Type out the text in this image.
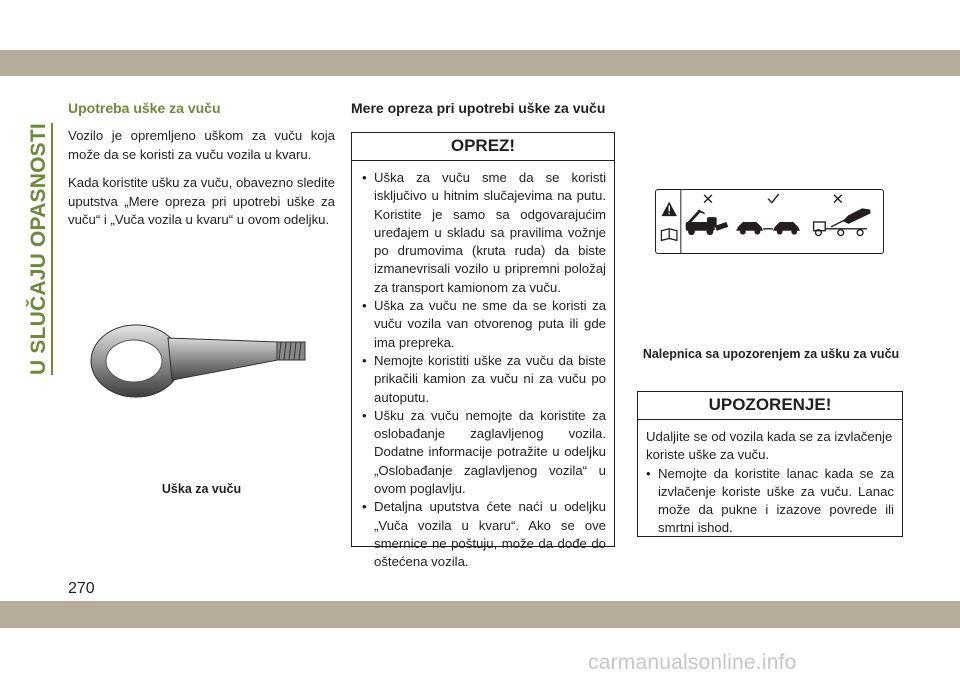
U SLUČAJU OPASNOSTI
Upotreba uške za vuču

Vozilo je opremljeno uškom za vuču koja može da se koristi za vuču vozila u kvaru.

Kada koristite ušku za vuču, obavezno sledite uputstva „Mere opreza pri upotrebi uške za vuču“ i „Vuča vozila u kvaru“ u ovom odeljku.

Uška za vuču
Mere opreza pri upotrebi uške za vuču
OPREZ!
• Uška za vuču sme da se koristi isključivo u hitnim slučajevima na putu. Koristite je samo sa odgovarajućim uređajem u skladu sa pravilima vožnje po drumovima (kruta ruda) da biste izmanevrisali vozilo u pripremni položaj za transport kamionom za vuču.
• Uška za vuču ne sme da se koristi za vuču vozila van otvorenog puta ili gde ima prepreka.
• Nemojte koristiti uške za vuču da biste prikačili kamion za vuču ni za vuču po autoputu.
• Ušku za vuču nemojte da koristite za oslobađanje zaglavljenog vozila. Dodatne informacije potražite u odeljku „Oslobađanje zaglavljenog vozila“ u ovom poglavlju.
• Detaljna uputstva ćete naći u odeljku „Vuča vozila u kvaru“. Ako se ove smernice ne poštuju, može da dođe do oštećena vozila.
Nalepnica sa upozorenjem za ušku za vuču
UPOZORENJE!
Udaljite se od vozila kada se za izvlačenje koriste uške za vuču.
• Nemojte da koristite lanac kada se za izvlačenje koriste uške za vuču. Lanac može da pukne i izazove povrede ili smrtni ishod.
270
carmanualsonline.info
